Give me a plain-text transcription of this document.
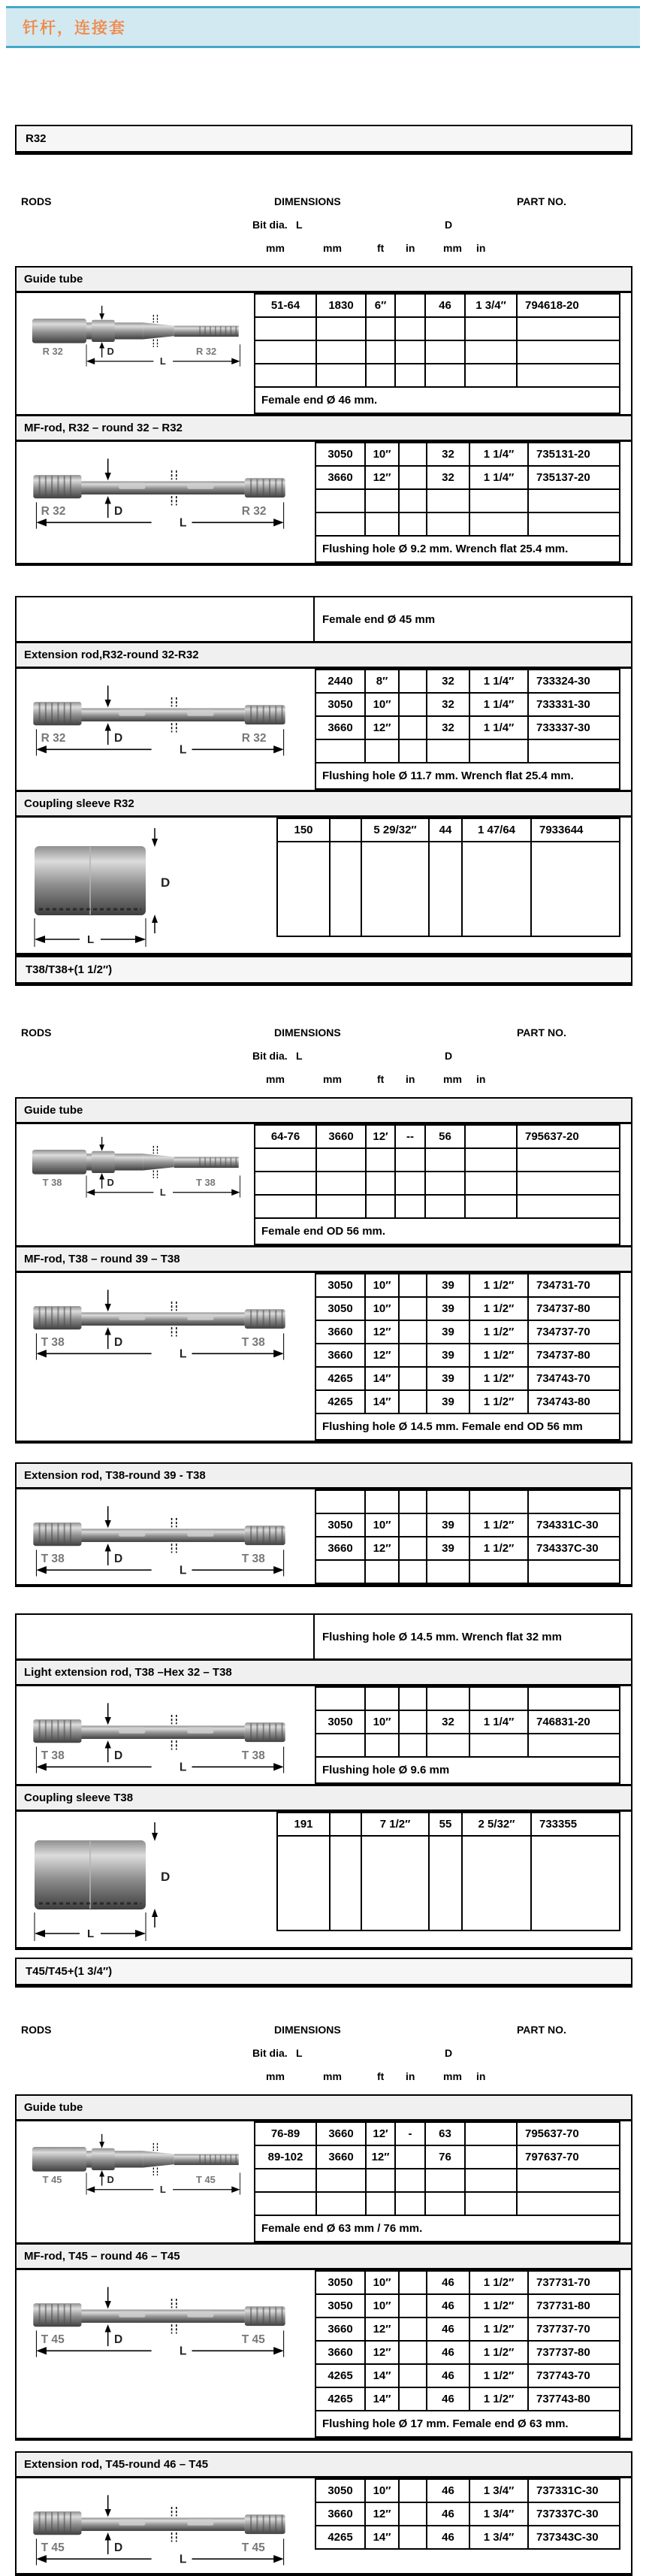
钎杆，连接套
R32
RODS	DIMENSIONS	PART NO.
Bit dia. L	D
mm	mm	ft in	mm in
Guide tube
R 32	D	R 32
L
51-64	1830	6″		46	1 3/4″	794618-20

Female end Ø 46 mm.						
MF-rod, R32 – round 32 – R32
R 32	D	R 32
L
3050	10″		32	1 1/4″	735131-20
3660	12″		32	1 1/4″	735137-20

Flushing hole Ø 9.2 mm. Wrench flat 25.4 mm.					
Female end Ø 45 mm
Extension rod,R32-round 32-R32
R 32	D	R 32
L
2440	8″		32	1 1/4″	733324-30
3050	10″		32	1 1/4″	733331-30
3660	12″		32	1 1/4″	733337-30

Flushing hole Ø 11.7 mm. Wrench flat 25.4 mm.					
Coupling sleeve R32
D
L
150		5 29/32″	44	1 47/64	7933644

T38/T38+(1 1/2″)
RODS	DIMENSIONS	PART NO.
Bit dia. L	D
mm	mm	ft in	mm in
Guide tube
T 38	D	T 38
L
64-76	3660	12′	--	56		795637-20

Female end OD 56 mm.						
MF-rod, T38 – round 39 – T38
T 38	D	T 38
L
3050	10″		39	1 1/2″	734731-70
3050	10″		39	1 1/2″	734737-80
3660	12″		39	1 1/2″	734737-70
3660	12″		39	1 1/2″	734737-80
4265	14″		39	1 1/2″	734743-70
4265	14″		39	1 1/2″	734743-80
Flushing hole Ø 14.5 mm. Female end OD 56 mm					
Extension rod, T38-round 39 - T38
T 38	D	T 38
L

3050	10″		39	1 1/2″	734331C-30
3660	12″		39	1 1/2″	734337C-30

Flushing hole Ø 14.5 mm. Wrench flat 32 mm
Light extension rod, T38 –Hex 32 – T38
T 38	D	T 38
L

3050	10″		32	1 1/4″	746831-20

Flushing hole Ø 9.6 mm					
Coupling sleeve T38
D
L
191		7 1/2″	55	2 5/32″	733355

T45/T45+(1 3/4″)
RODS	DIMENSIONS	PART NO.
Bit dia. L	D
mm	mm	ft in	mm in
Guide tube
T 45	D	T 45
L
76-89	3660	12′	-	63		795637-70
89-102	3660	12″		76		797637-70

Female end Ø 63 mm / 76 mm.						
MF-rod, T45 – round 46 – T45
T 45	D	T 45
L
3050	10″		46	1 1/2″	737731-70
3050	10″		46	1 1/2″	737731-80
3660	12″		46	1 1/2″	737737-70
3660	12″		46	1 1/2″	737737-80
4265	14″		46	1 1/2″	737743-70
4265	14″		46	1 1/2″	737743-80
Flushing hole Ø 17 mm. Female end Ø 63 mm.					
Extension rod, T45-round 46 – T45
T 45	D	T 45
L
3050	10″		46	1 3/4″	737331C-30
3660	12″		46	1 3/4″	737337C-30
4265	14″		46	1 3/4″	737343C-30
